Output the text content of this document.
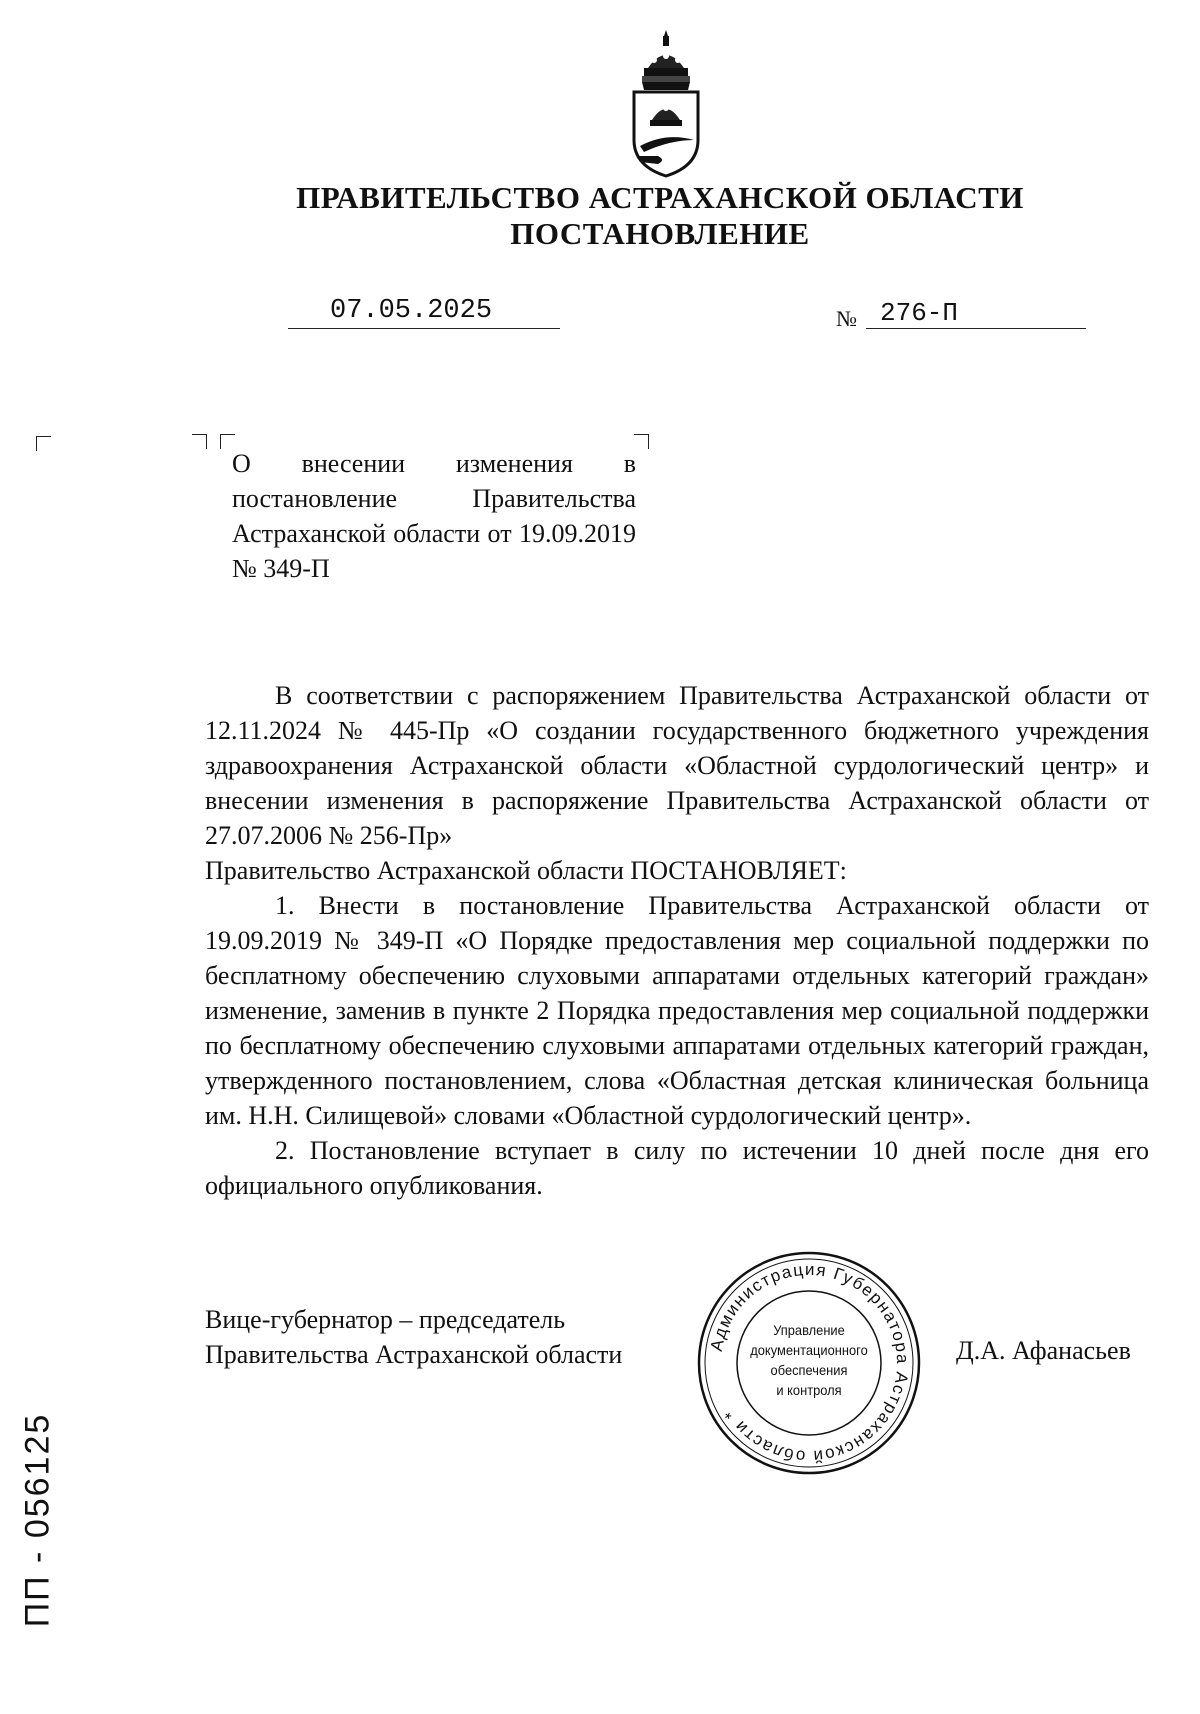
ПРАВИТЕЛЬСТВО АСТРАХАНСКОЙ ОБЛАСТИ
ПОСТАНОВЛЕНИЕ
07.05.2025	№ 276-П
О внесении изменения в постановление Правительства Астраханской области от 19.09.2019 № 349-П

В соответствии с распоряжением Правительства Астраханской области от 12.11.2024 № 445-Пр «О создании государственного бюджетного учреждения здравоохранения Астраханской области «Областной сурдологический центр» и внесении изменения в распоряжение Правительства Астраханской области от 27.07.2006 № 256-Пр»

Правительство Астраханской области ПОСТАНОВЛЯЕТ:

1. Внести в постановление Правительства Астраханской области от 19.09.2019 № 349-П «О Порядке предоставления мер социальной поддержки по бесплатному обеспечению слуховыми аппаратами отдельных категорий граждан» изменение, заменив в пункте 2 Порядка предоставления мер социальной поддержки по бесплатному обеспечению слуховыми аппаратами отдельных категорий граждан, утвержденного постановлением, слова «Областная детская клиническая больница им. Н.Н. Силищевой» словами «Областной сурдологический центр».

2. Постановление вступает в силу по истечении 10 дней после дня его официального опубликования.

Вице-губернатор – председатель
Правительства Астраханской области	Д.А. Афанасьев
Администрация Губернатора Астраханской области *
Управление
документационного
обеспечения
и контроля
ПП - 056125
